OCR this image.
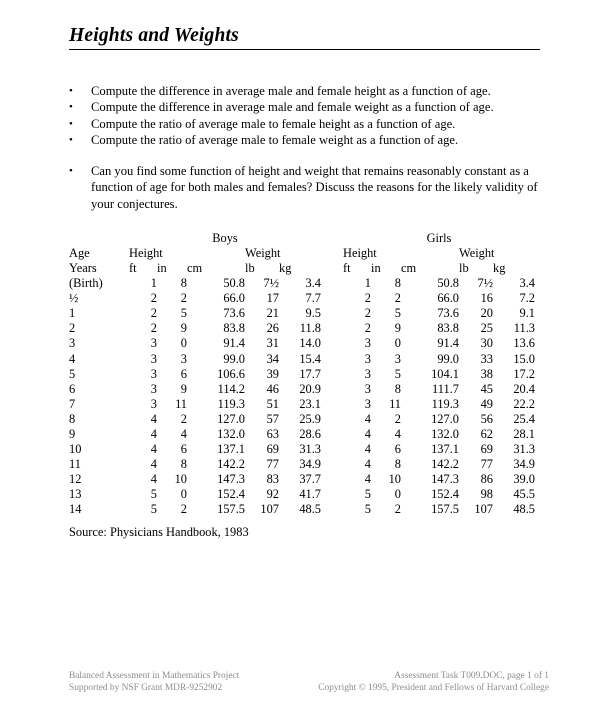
Heights and Weights
•	Compute the difference in average male and female height as a function of age.
•	Compute the difference in average male and female weight as a function of age.
•	Compute the ratio of average male to female height as a function of age.
•	Compute the ratio of average male to female weight as a function of age.
•	Can you find some function of height and weight that remains reasonably constant as a function of age for both males and females? Discuss the reasons for the likely validity of your conjectures.
	Boys						Girls				
Age	Height			Weight			Height			Weight	
Years	ft	in	cm	lb	kg		ft	in	cm	lb	kg
(Birth)	1	8	50.8	7½	3.4		1	8	50.8	7½	3.4
½	2	2	66.0	17	7.7		2	2	66.0	16	7.2
1	2	5	73.6	21	9.5		2	5	73.6	20	9.1
2	2	9	83.8	26	11.8		2	9	83.8	25	11.3
3	3	0	91.4	31	14.0		3	0	91.4	30	13.6
4	3	3	99.0	34	15.4		3	3	99.0	33	15.0
5	3	6	106.6	39	17.7		3	5	104.1	38	17.2
6	3	9	114.2	46	20.9		3	8	111.7	45	20.4
7	3	11	119.3	51	23.1		3	11	119.3	49	22.2
8	4	2	127.0	57	25.9		4	2	127.0	56	25.4
9	4	4	132.0	63	28.6		4	4	132.0	62	28.1
10	4	6	137.1	69	31.3		4	6	137.1	69	31.3
11	4	8	142.2	77	34.9		4	8	142.2	77	34.9
12	4	10	147.3	83	37.7		4	10	147.3	86	39.0
13	5	0	152.4	92	41.7		5	0	152.4	98	45.5
14	5	2	157.5	107	48.5		5	2	157.5	107	48.5
Source: Physicians Handbook, 1983
Balanced Assessment in Mathematics Project
Supported by NSF Grant MDR-9252902
Assessment Task T009.DOC, page 1 of 1
Copyright © 1995, President and Fellows of Harvard College
